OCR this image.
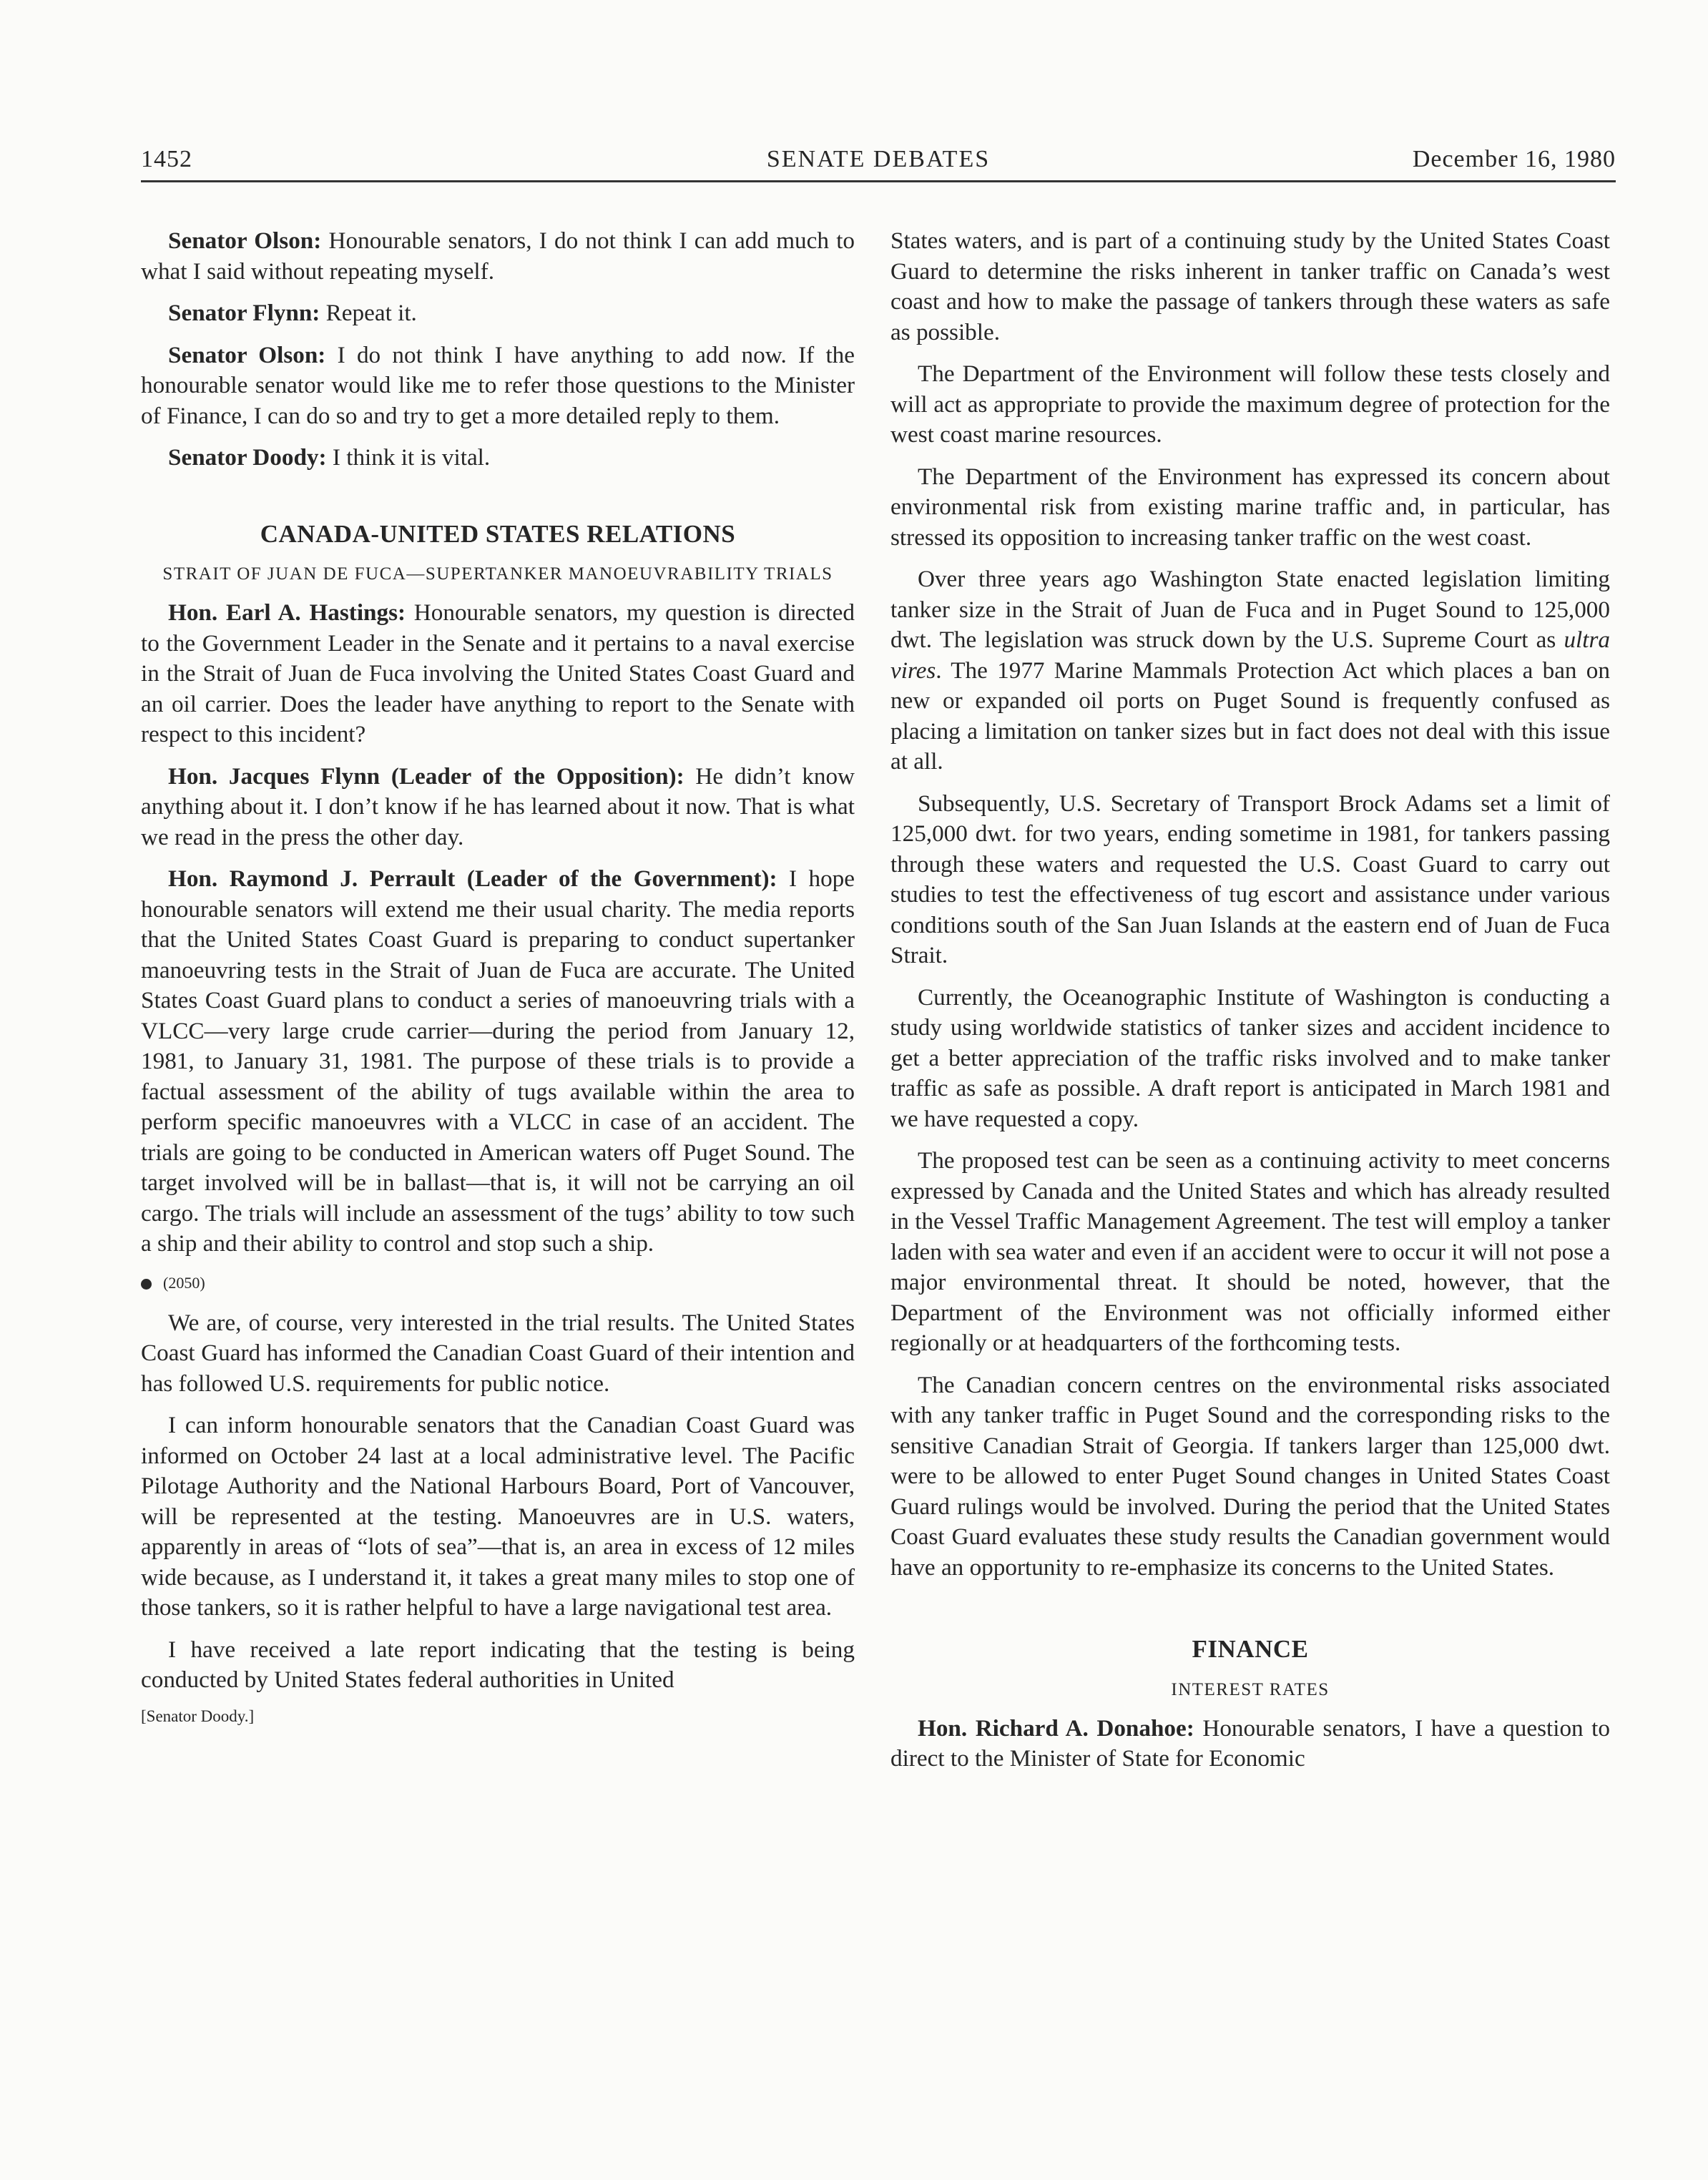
1452	SENATE DEBATES	December 16, 1980

Senator Olson: Honourable senators, I do not think I can add much to what I said without repeating myself.

Senator Flynn: Repeat it.

Senator Olson: I do not think I have anything to add now. If the honourable senator would like me to refer those questions to the Minister of Finance, I can do so and try to get a more detailed reply to them.

Senator Doody: I think it is vital.

CANADA-UNITED STATES RELATIONS
STRAIT OF JUAN DE FUCA—SUPERTANKER MANOEUVRABILITY TRIALS

Hon. Earl A. Hastings: Honourable senators, my question is directed to the Government Leader in the Senate and it pertains to a naval exercise in the Strait of Juan de Fuca involving the United States Coast Guard and an oil carrier. Does the leader have anything to report to the Senate with respect to this incident?

Hon. Jacques Flynn (Leader of the Opposition): He didn’t know anything about it. I don’t know if he has learned about it now. That is what we read in the press the other day.

Hon. Raymond J. Perrault (Leader of the Government): I hope honourable senators will extend me their usual charity. The media reports that the United States Coast Guard is preparing to conduct supertanker manoeuvring tests in the Strait of Juan de Fuca are accurate. The United States Coast Guard plans to conduct a series of manoeuvring trials with a VLCC—very large crude carrier—during the period from January 12, 1981, to January 31, 1981. The purpose of these trials is to provide a factual assessment of the ability of tugs available within the area to perform specific manoeuvres with a VLCC in case of an accident. The trials are going to be conducted in American waters off Puget Sound. The target involved will be in ballast—that is, it will not be carrying an oil cargo. The trials will include an assessment of the tugs’ ability to tow such a ship and their ability to control and stop such a ship.

(2050)

We are, of course, very interested in the trial results. The United States Coast Guard has informed the Canadian Coast Guard of their intention and has followed U.S. requirements for public notice.

I can inform honourable senators that the Canadian Coast Guard was informed on October 24 last at a local administrative level. The Pacific Pilotage Authority and the National Harbours Board, Port of Vancouver, will be represented at the testing. Manoeuvres are in U.S. waters, apparently in areas of “lots of sea”—that is, an area in excess of 12 miles wide because, as I understand it, it takes a great many miles to stop one of those tankers, so it is rather helpful to have a large navigational test area.

I have received a late report indicating that the testing is being conducted by United States federal authorities in United

[Senator Doody.]

States waters, and is part of a continuing study by the United States Coast Guard to determine the risks inherent in tanker traffic on Canada’s west coast and how to make the passage of tankers through these waters as safe as possible.

The Department of the Environment will follow these tests closely and will act as appropriate to provide the maximum degree of protection for the west coast marine resources.

The Department of the Environment has expressed its concern about environmental risk from existing marine traffic and, in particular, has stressed its opposition to increasing tanker traffic on the west coast.

Over three years ago Washington State enacted legislation limiting tanker size in the Strait of Juan de Fuca and in Puget Sound to 125,000 dwt. The legislation was struck down by the U.S. Supreme Court as ultra vires. The 1977 Marine Mammals Protection Act which places a ban on new or expanded oil ports on Puget Sound is frequently confused as placing a limitation on tanker sizes but in fact does not deal with this issue at all.

Subsequently, U.S. Secretary of Transport Brock Adams set a limit of 125,000 dwt. for two years, ending sometime in 1981, for tankers passing through these waters and requested the U.S. Coast Guard to carry out studies to test the effectiveness of tug escort and assistance under various conditions south of the San Juan Islands at the eastern end of Juan de Fuca Strait.

Currently, the Oceanographic Institute of Washington is conducting a study using worldwide statistics of tanker sizes and accident incidence to get a better appreciation of the traffic risks involved and to make tanker traffic as safe as possible. A draft report is anticipated in March 1981 and we have requested a copy.

The proposed test can be seen as a continuing activity to meet concerns expressed by Canada and the United States and which has already resulted in the Vessel Traffic Management Agreement. The test will employ a tanker laden with sea water and even if an accident were to occur it will not pose a major environmental threat. It should be noted, however, that the Department of the Environment was not officially informed either regionally or at headquarters of the forthcoming tests.

The Canadian concern centres on the environmental risks associated with any tanker traffic in Puget Sound and the corresponding risks to the sensitive Canadian Strait of Georgia. If tankers larger than 125,000 dwt. were to be allowed to enter Puget Sound changes in United States Coast Guard rulings would be involved. During the period that the United States Coast Guard evaluates these study results the Canadian government would have an opportunity to re-emphasize its concerns to the United States.

FINANCE
INTEREST RATES

Hon. Richard A. Donahoe: Honourable senators, I have a question to direct to the Minister of State for Economic
